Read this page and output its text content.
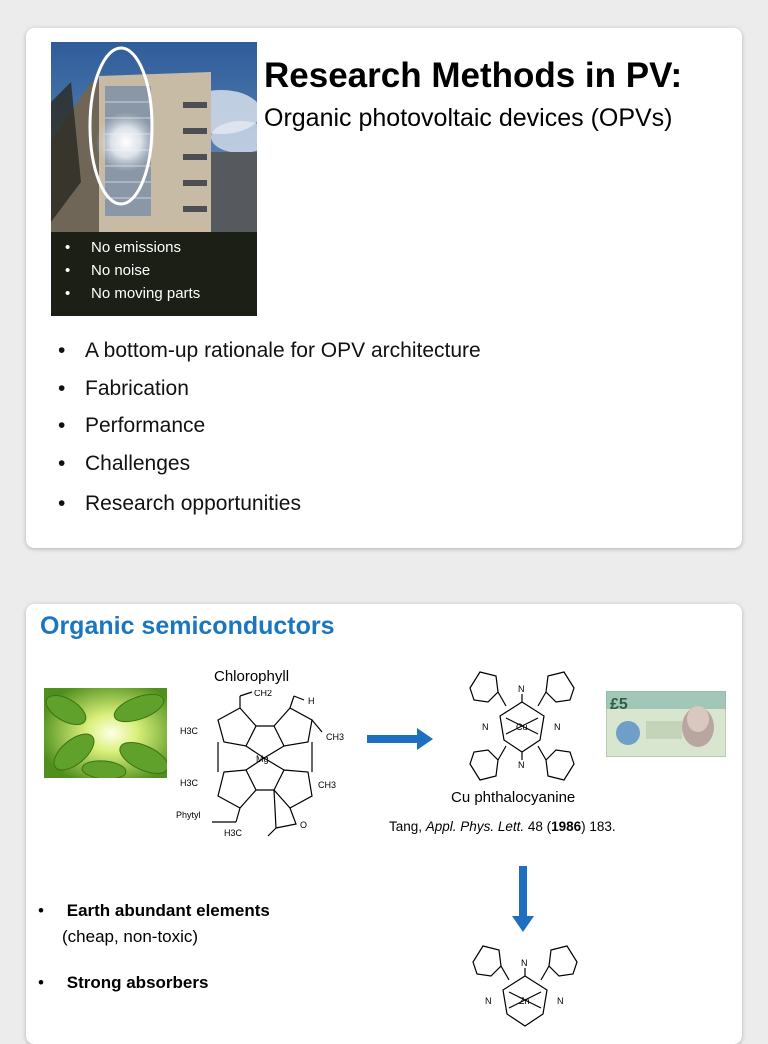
• No emissions
• No noise
• No moving parts
Research Methods in PV:
Organic photovoltaic devices (OPVs)
• A bottom-up rationale for OPV architecture
• Fabrication
• Performance
• Challenges
• Research opportunities
Organic semiconductors
Chlorophyll
Mg
H3C
CH3
H3C	CH3
CH2
H
Phytyl
H3C
O
Cu
N
N
N	N
Cu phthalocyanine
Tang, Appl. Phys. Lett. 48 (1986) 183.
£5
Zn
N
N	N
• Earth abundant elements
(cheap, non-toxic)
• Strong absorbers
